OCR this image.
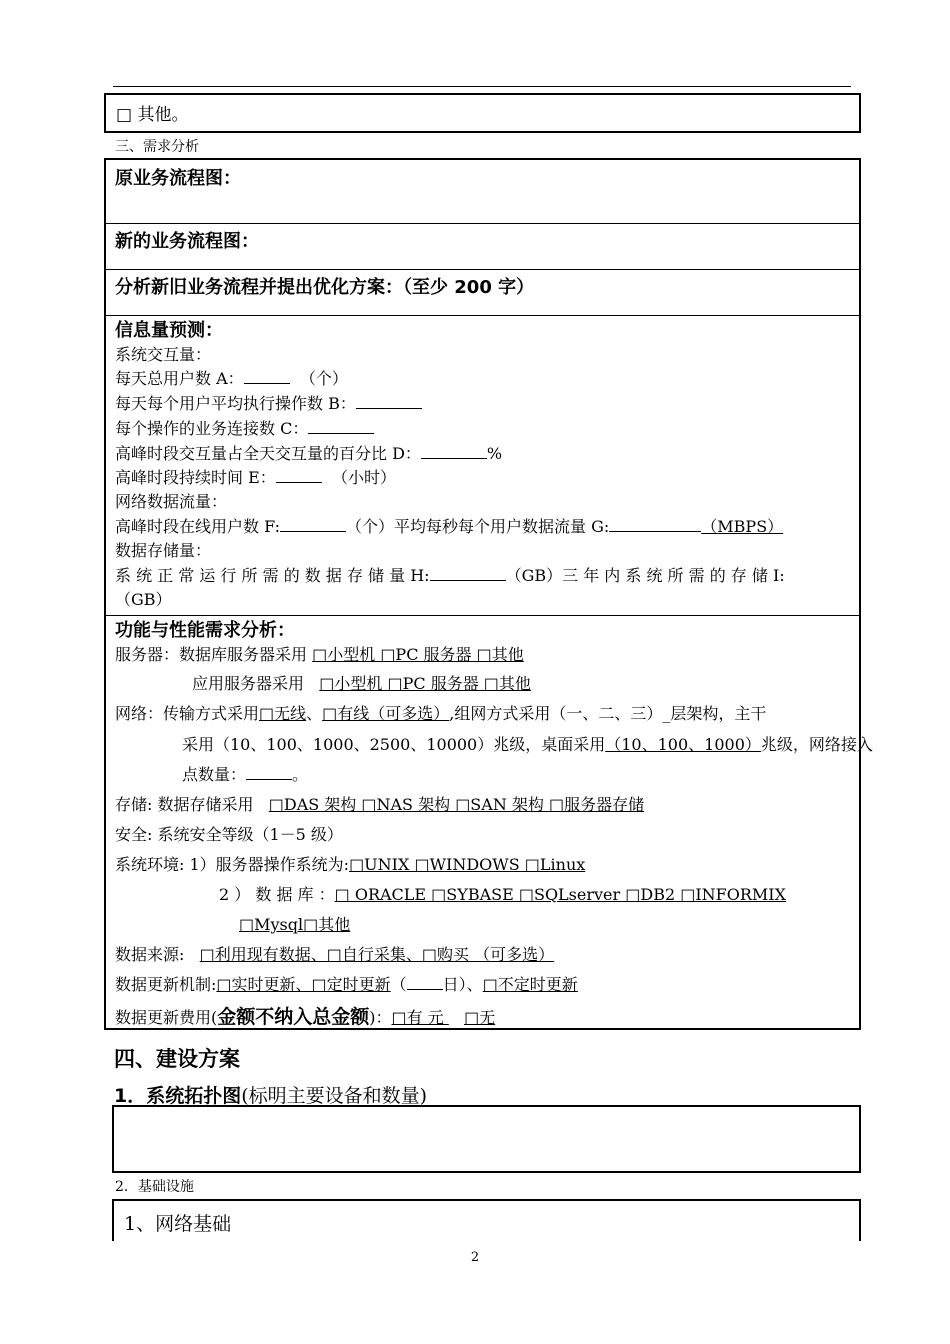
□ 其他。
三、需求分析
原业务流程图：
新的业务流程图：
分析新旧业务流程并提出优化方案：（至少 200 字）
信息量预测：
系统交互量：
每天总用户数 A：	（个）
每天每个用户平均执行操作数 B：
每个操作的业务连接数 C：
高峰时段交互量占全天交互量的百分比 D：	%
高峰时段持续时间 E：	（小时）
网络数据流量：
高峰时段在线用户数 F:	（个）平均每秒每个用户数据流量 G:	（MBPS）
数据存储量：
系 统 正 常 运 行 所 需 的 数 据 存 储 量 H:	（GB）三 年 内 系 统 所 需 的 存 储 I:
（GB）
功能与性能需求分析：
服务器：数据库服务器采用 □小型机 □PC 服务器 □其他
应用服务器采用 □小型机 □PC 服务器 □其他
网络：传输方式采用□无线、□有线（可多选）,组网方式采用（一、二、三）_层架构，主干
采用（10、100、1000、2500、10000）兆级，桌面采用（10、100、1000）兆级，网络接入
点数量：	。
存储: 数据存储采用 □DAS 架构 □NAS 架构 □SAN 架构 □服务器存储
安全: 系统安全等级（1－5 级）
系统环境: 1）服务器操作系统为:□UNIX □WINDOWS □Linux
2 ） 数 据 库 ：□ ORACLE □SYBASE □SQLserver □DB2 □INFORMIX
□Mysql□其他
数据来源: □利用现有数据、□自行采集、□购买 （可多选）
数据更新机制:□实时更新、□定时更新（ 日）、□不定时更新
数据更新费用(金额不纳入总金额)：□有 元    □无
四、建设方案
1．系统拓扑图(标明主要设备和数量)
2．基础设施
1、网络基础
2
